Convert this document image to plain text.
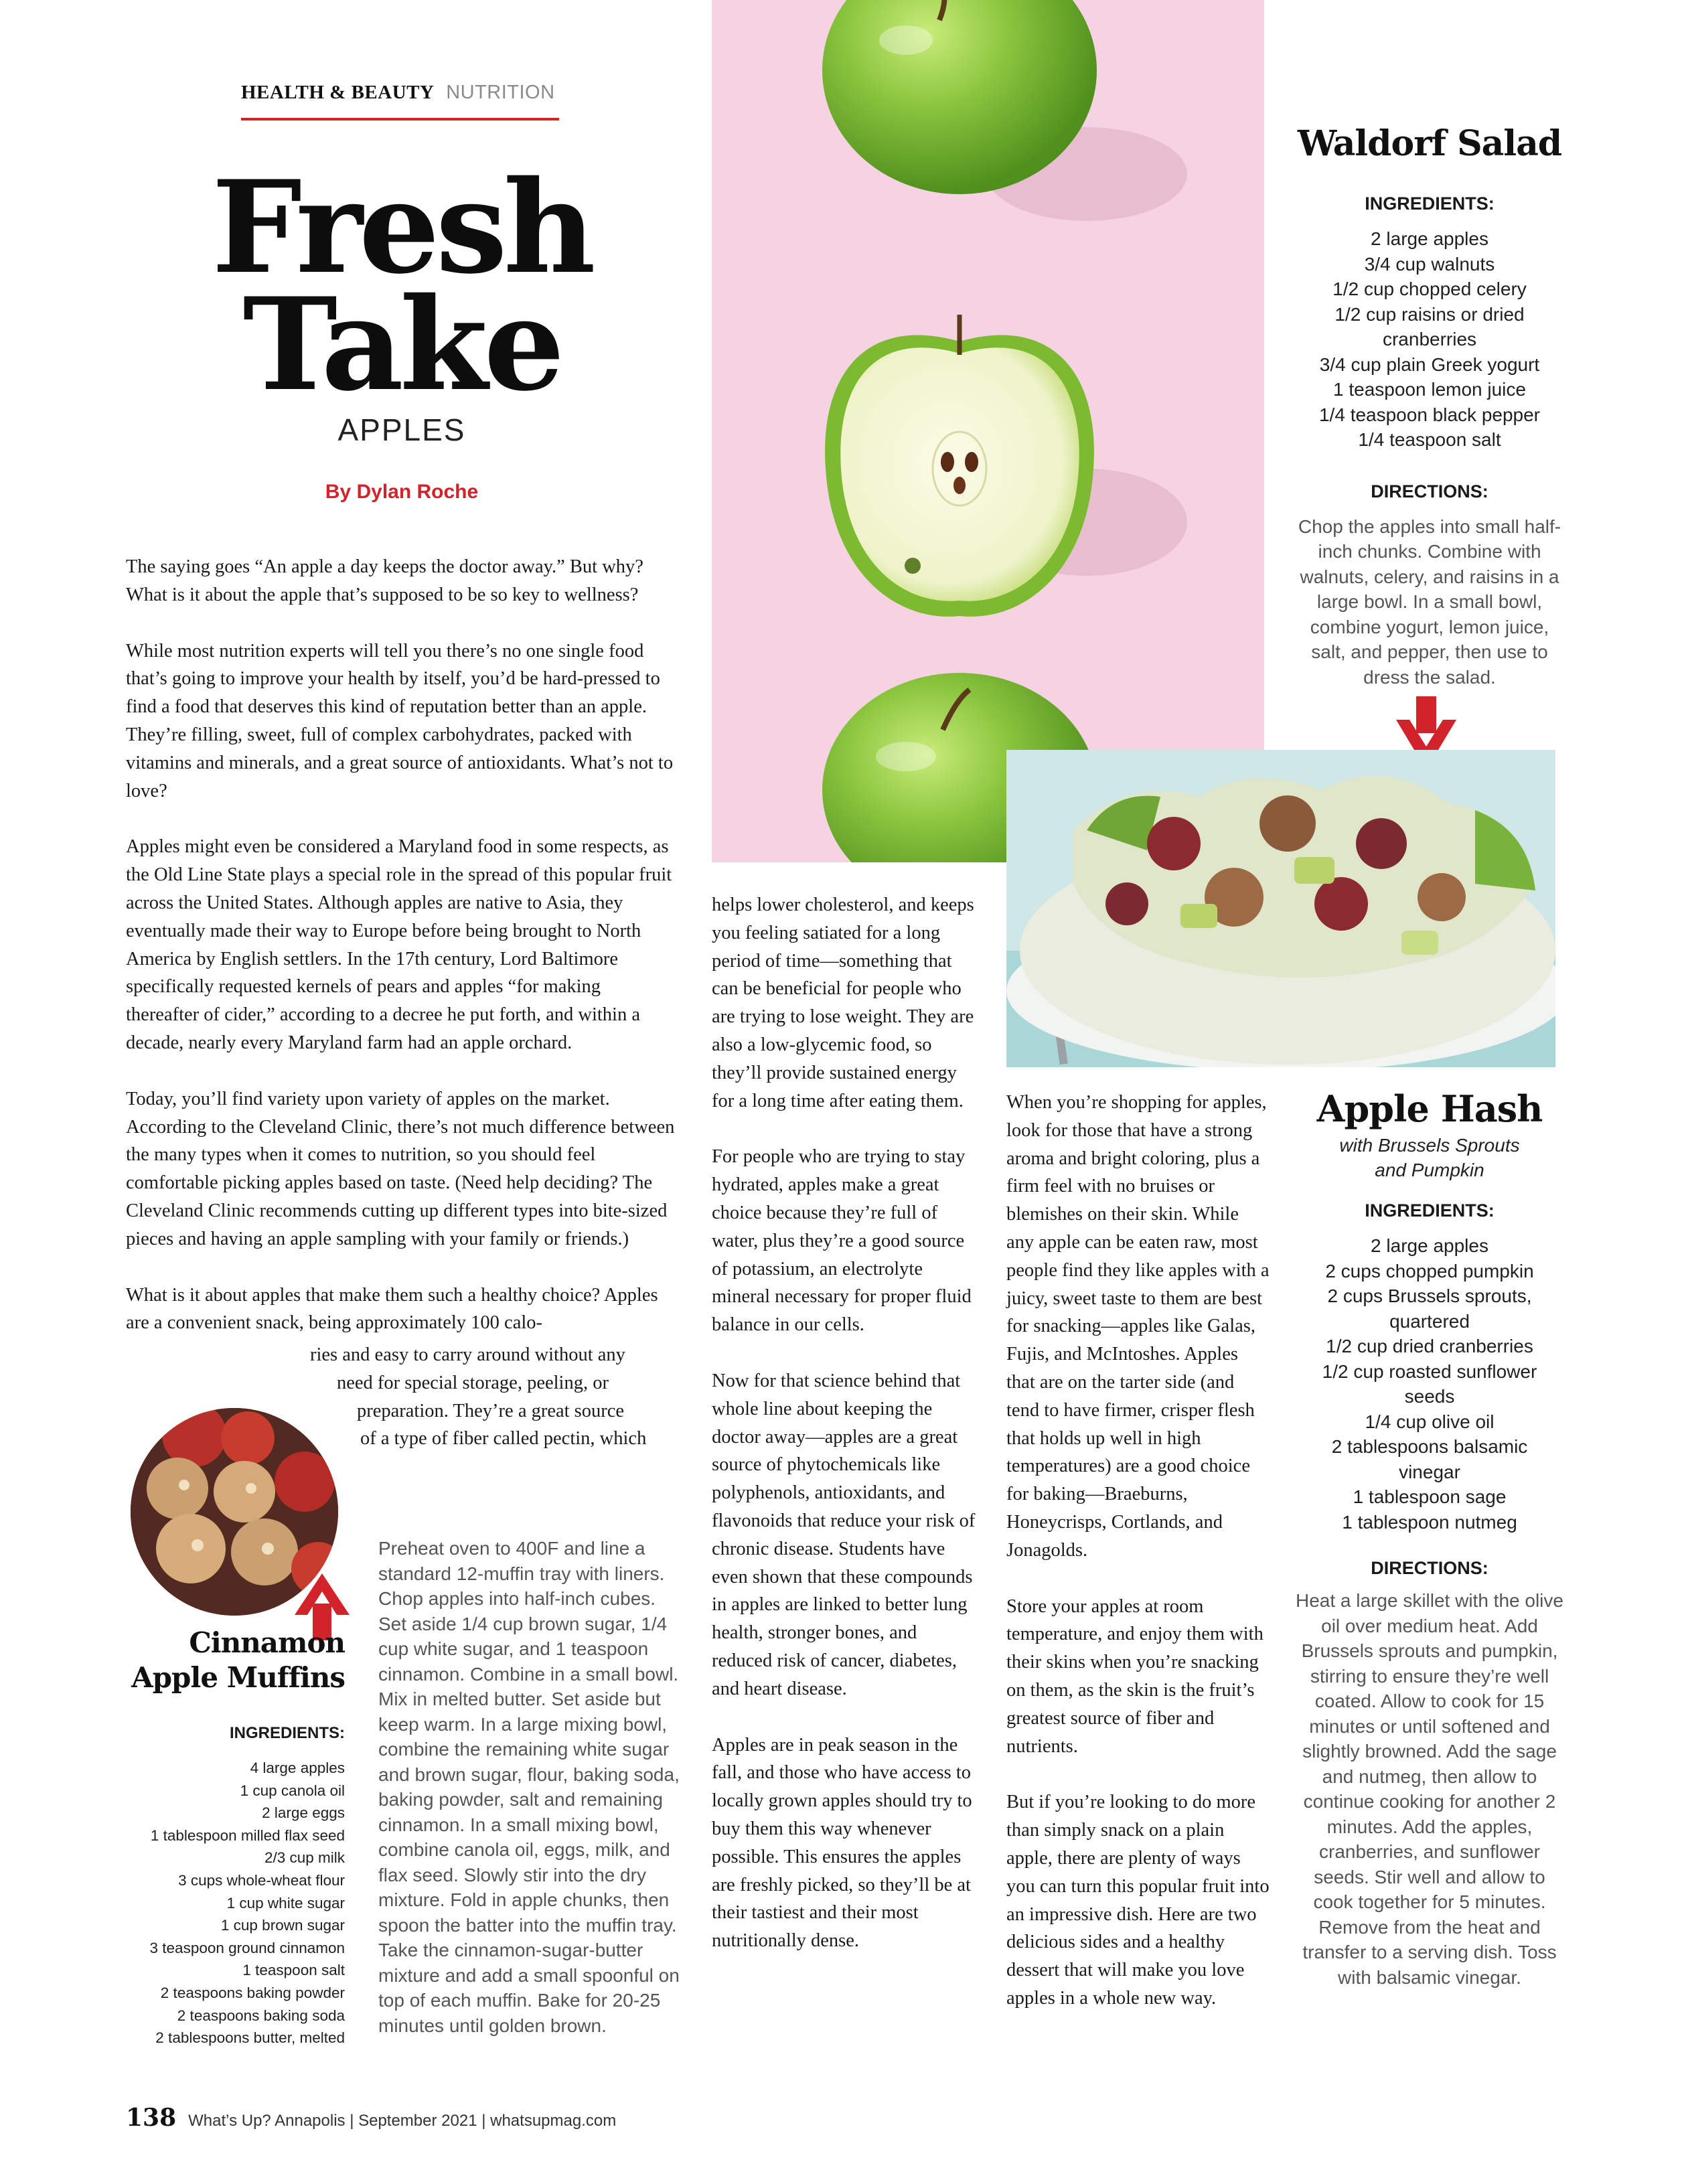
HEALTH & BEAUTY NUTRITION
Fresh
Take
APPLES
By Dylan Roche

The saying goes “An apple a day keeps the doctor away.” But why? What is it about the apple that’s supposed to be so key to wellness?

While most nutrition experts will tell you there’s no one single food that’s going to improve your health by itself, you’d be hard-pressed to find a food that deserves this kind of reputation better than an apple. They’re filling, sweet, full of complex carbohydrates, packed with vitamins and minerals, and a great source of antioxidants. What’s not to love?

Apples might even be considered a Maryland food in some respects, as the Old Line State plays a special role in the spread of this popular fruit across the United States. Although apples are native to Asia, they eventually made their way to Europe before being brought to North America by English settlers. In the 17th century, Lord Baltimore specifically requested kernels of pears and apples “for making thereafter of cider,” according to a decree he put forth, and within a decade, nearly every Maryland farm had an apple orchard.

Today, you’ll find variety upon variety of apples on the market. According to the Cleveland Clinic, there’s not much difference between the many types when it comes to nutrition, so you should feel comfortable picking apples based on taste. (Need help deciding? The Cleveland Clinic recommends cutting up different types into bite-sized pieces and having an apple sampling with your family or friends.)

What is it about apples that make them such a healthy choice? Apples are a convenient snack, being approximately 100 calo-

ries and easy to carry around without any
need for special storage, peeling, or
preparation. They’re a great source
of a type of fiber called pectin, which

helps lower cholesterol, and keeps you feeling satiated for a long period of time—something that can be beneficial for people who are trying to lose weight. They are also a low-glycemic food, so they’ll provide sustained energy for a long time after eating them.

For people who are trying to stay hydrated, apples make a great choice because they’re full of water, plus they’re a good source of potassium, an electrolyte mineral necessary for proper fluid balance in our cells.

Now for that science behind that whole line about keeping the doctor away—apples are a great source of phytochemicals like polyphenols, antioxidants, and flavonoids that reduce your risk of chronic disease. Students have even shown that these compounds in apples are linked to better lung health, stronger bones, and reduced risk of cancer, diabetes, and heart disease.

Apples are in peak season in the fall, and those who have access to locally grown apples should try to buy them this way whenever possible. This ensures the apples are freshly picked, so they’ll be at their tastiest and their most nutritionally dense.

When you’re shopping for apples, look for those that have a strong aroma and bright coloring, plus a firm feel with no bruises or blemishes on their skin. While any apple can be eaten raw, most people find they like apples with a juicy, sweet taste to them are best for snacking—apples like Galas, Fujis, and McIntoshes. Apples that are on the tarter side (and tend to have firmer, crisper flesh that holds up well in high temperatures) are a good choice for baking—Braeburns, Honeycrisps, Cortlands, and Jonagolds.

Store your apples at room temperature, and enjoy them with their skins when you’re snacking on them, as the skin is the fruit’s greatest source of fiber and nutrients.

But if you’re looking to do more than simply snack on a plain apple, there are plenty of ways you can turn this popular fruit into an impressive dish. Here are two delicious sides and a healthy dessert that will make you love apples in a whole new way.

Waldorf Salad
INGREDIENTS:
2 large apples
3/4 cup walnuts
1/2 cup chopped celery
1/2 cup raisins or dried
cranberries
3/4 cup plain Greek yogurt
1 teaspoon lemon juice
1/4 teaspoon black pepper
1/4 teaspoon salt
DIRECTIONS:
Chop the apples into small half-inch chunks. Combine with walnuts, celery, and raisins in a large bowl. In a small bowl, combine yogurt, lemon juice, salt, and pepper, then use to dress the salad.
Apple Hash
with Brussels Sprouts
and Pumpkin
INGREDIENTS:
2 large apples
2 cups chopped pumpkin
2 cups Brussels sprouts,
quartered
1/2 cup dried cranberries
1/2 cup roasted sunflower
seeds
1/4 cup olive oil
2 tablespoons balsamic
vinegar
1 tablespoon sage
1 tablespoon nutmeg
DIRECTIONS:
Heat a large skillet with the olive oil over medium heat. Add Brussels sprouts and pumpkin, stirring to ensure they’re well coated. Allow to cook for 15 minutes or until softened and slightly browned. Add the sage and nutmeg, then allow to continue cooking for another 2 minutes. Add the apples, cranberries, and sunflower seeds. Stir well and allow to cook together for 5 minutes. Remove from the heat and transfer to a serving dish. Toss with balsamic vinegar.
Cinnamon
Apple Muffins
INGREDIENTS:
4 large apples
1 cup canola oil
2 large eggs
1 tablespoon milled flax seed
2/3 cup milk
3 cups whole-wheat flour
1 cup white sugar
1 cup brown sugar
3 teaspoon ground cinnamon
1 teaspoon salt
2 teaspoons baking powder
2 teaspoons baking soda
2 tablespoons butter, melted
Preheat oven to 400F and line a standard 12-muffin tray with liners. Chop apples into half-inch cubes. Set aside 1/4 cup brown sugar, 1/4 cup white sugar, and 1 teaspoon cinnamon. Combine in a small bowl. Mix in melted butter. Set aside but keep warm. In a large mixing bowl, combine the remaining white sugar and brown sugar, flour, baking soda, baking powder, salt and remaining cinnamon. In a small mixing bowl, combine canola oil, eggs, milk, and flax seed. Slowly stir into the dry mixture. Fold in apple chunks, then spoon the batter into the muffin tray. Take the cinnamon-sugar-butter mixture and add a small spoonful on top of each muffin. Bake for 20-25 minutes until golden brown.
138 What’s Up? Annapolis | September 2021 | whatsupmag.com
